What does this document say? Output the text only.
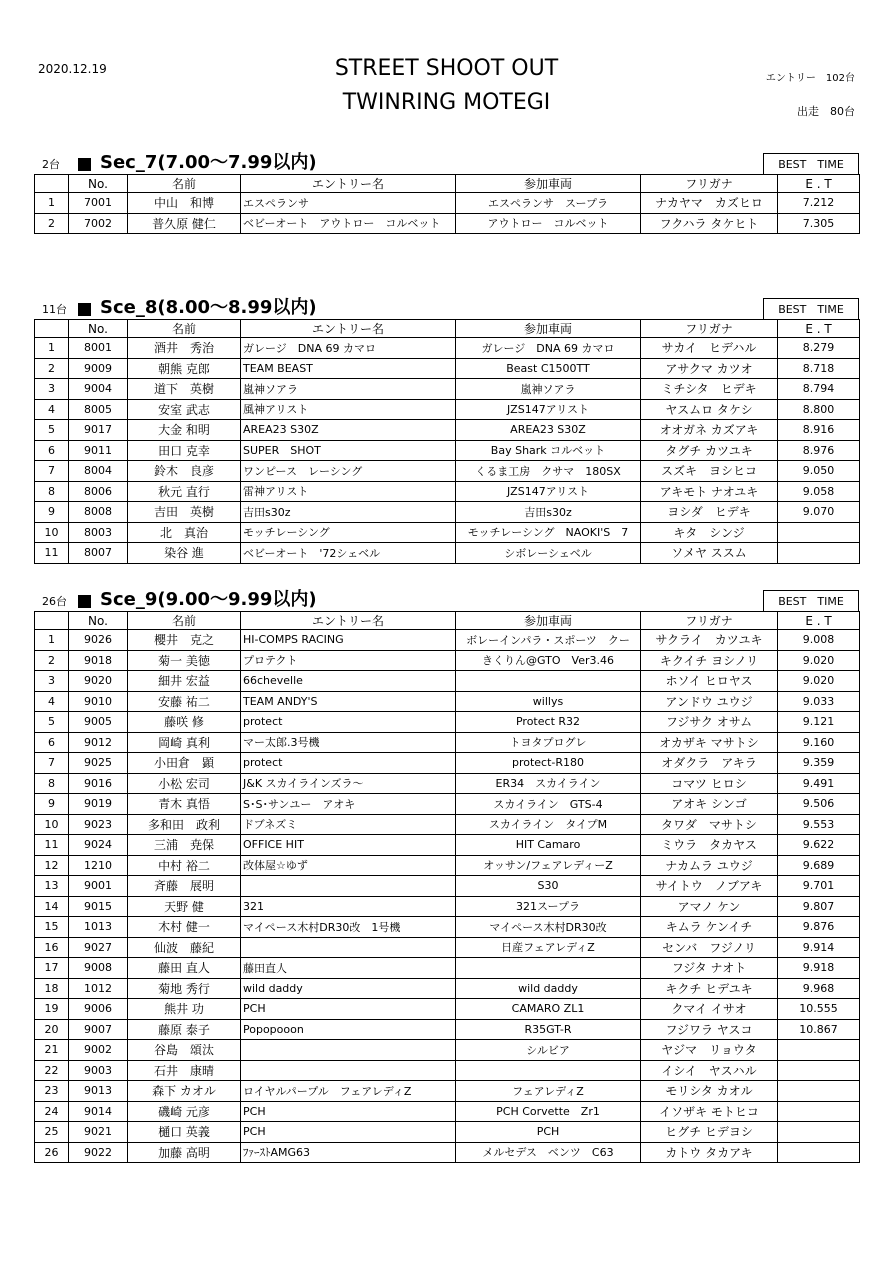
2020.12.19	STREET SHOOT OUT
TWINRING MOTEGI
エントリー　102台
出走　80台
2台 Sec_7(7.00～7.99以内)	BEST　TIME
	No.	名前	エントリー名	参加車両	フリガナ	E . T
1	7001	中山　和博	エスペランサ	エスペランサ　スープラ	ナカヤマ　カズヒロ	7.212
2	7002	普久原 健仁	ベビーオート　アウトロー　コルベット	アウトロー　コルベット	フクハラ タケヒト	7.305
11台 Sce_8(8.00～8.99以内)	BEST　TIME
	No.	名前	エントリー名	参加車両	フリガナ	E . T
1	8001	酒井　秀治	ガレージ　DNA 69 カマロ	ガレージ　DNA 69 カマロ	サカイ　ヒデハル	8.279
2	9009	朝熊 克郎	TEAM BEAST	Beast C1500TT	アサクマ カツオ	8.718
3	9004	道下　英樹	嵐神ソアラ	嵐神ソアラ	ミチシタ　ヒデキ	8.794
4	8005	安室 武志	風神アリスト	JZS147アリスト	ヤスムロ タケシ	8.800
5	9017	大金 和明	AREA23 S30Z	AREA23 S30Z	オオガネ カズアキ	8.916
6	9011	田口 克幸	SUPER　SHOT	Bay Shark コルベット	タグチ カツユキ	8.976
7	8004	鈴木　良彦	ワンピース　レーシング	くるま工房　クサマ　180SX	スズキ　ヨシヒコ	9.050
8	8006	秋元 直行	雷神アリスト	JZS147アリスト	アキモト ナオユキ	9.058
9	8008	吉田　英樹	吉田s30z	吉田s30z	ヨシダ　ヒデキ	9.070
10	8003	北　真治	モッチレーシング	モッチレーシング　NAOKI'S　7	キタ　シンジ	
11	8007	染谷 進	ベビーオート　'72シェベル	シボレーシェベル	ソメヤ ススム	
26台 Sce_9(9.00～9.99以内)	BEST　TIME
	No.	名前	エントリー名	参加車両	フリガナ	E . T
1	9026	櫻井　克之	HI-COMPS RACING	ボレーインパラ・スポーツ　クー	サクライ　カツユキ	9.008
2	9018	菊一 美徳	プロテクト	きくりん@GTO　Ver3.46	キクイチ ヨシノリ	9.020
3	9020	細井 宏益	66chevelle		ホソイ ヒロヤス	9.020
4	9010	安藤 祐二	TEAM ANDY'S	willys	アンドウ ユウジ	9.033
5	9005	藤咲 修	protect	Protect R32	フジサク オサム	9.121
6	9012	岡崎 真利	マー太郎.3号機	トヨタプログレ	オカザキ マサトシ	9.160
7	9025	小田倉　顕	protect	protect-R180	オダクラ　アキラ	9.359
8	9016	小松 宏司	J&K スカイラインズラ～	ER34　スカイライン	コマツ ヒロシ	9.491
9	9019	青木 真悟	S･S･サンユー　アオキ	スカイライン　GTS-4	アオキ シンゴ	9.506
10	9023	多和田　政利	ドブネズミ	スカイライン　タイプM	タワダ　マサトシ	9.553
11	9024	三浦　尭保	OFFICE HIT	HIT Camaro	ミウラ　タカヤス	9.622
12	1210	中村 裕二	改体屋☆ゆず	オッサン/フェアレディーZ	ナカムラ ユウジ	9.689
13	9001	斉藤　展明		S30	サイトウ　ノブアキ	9.701
14	9015	天野 健	321	321スープラ	アマノ ケン	9.807
15	1013	木村 健一	マイペース木村DR30改　1号機	マイペース木村DR30改	キムラ ケンイチ	9.876
16	9027	仙波　藤紀		日産フェアレディZ	センバ　フジノリ	9.914
17	9008	藤田 直人	藤田直人		フジタ ナオト	9.918
18	1012	菊地 秀行	wild daddy	wild daddy	キクチ ヒデユキ	9.968
19	9006	熊井 功	PCH	CAMARO ZL1	クマイ イサオ	10.555
20	9007	藤原 泰子	Popopooon	R35GT-R	フジワラ ヤスコ	10.867
21	9002	谷島　頌汰		シルビア	ヤジマ　リョウタ	
22	9003	石井　康晴			イシイ　ヤスハル	
23	9013	森下 カオル	ロイヤルパープル　フェアレディZ	フェアレディZ	モリシタ カオル	
24	9014	磯崎 元彦	PCH	PCH Corvette　Zr1	イソザキ モトヒコ	
25	9021	樋口 英義	PCH	PCH	ヒグチ ヒデヨシ	
26	9022	加藤 高明	ﾌｧｰｽﾄAMG63	メルセデス　ベンツ　C63	カトウ タカアキ	
